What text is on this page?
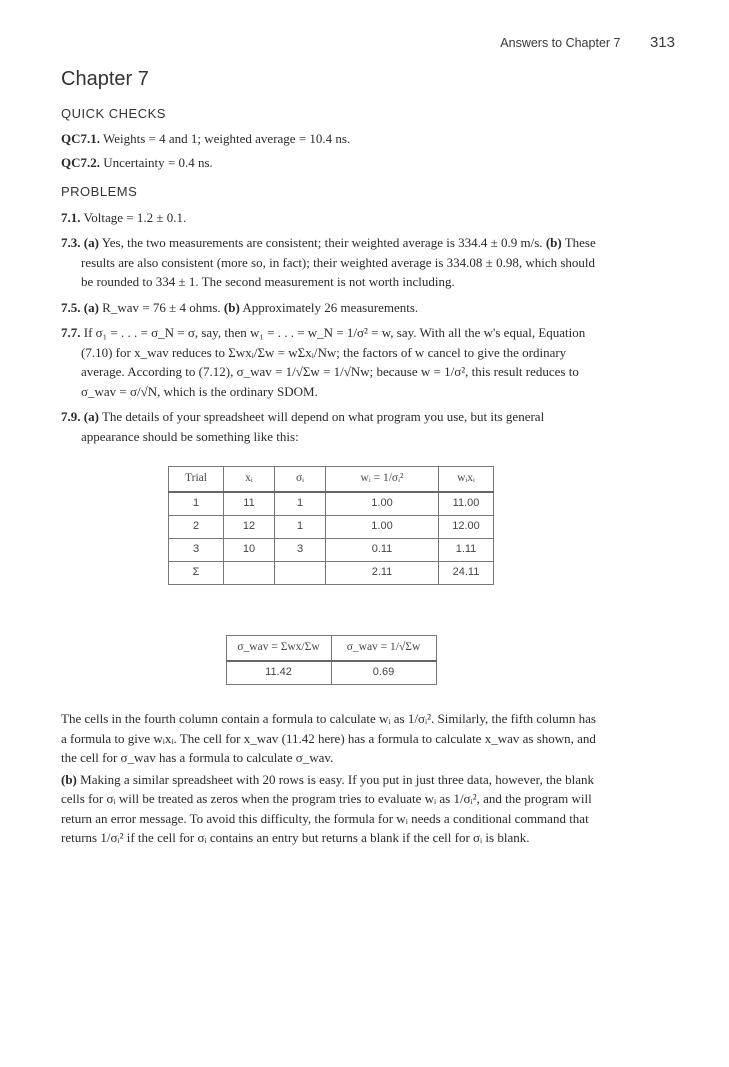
Answers to Chapter 7 313
Chapter 7
QUICK CHECKS
QC7.1. Weights = 4 and 1; weighted average = 10.4 ns.
QC7.2. Uncertainty = 0.4 ns.
PROBLEMS

7.1. Voltage = 1.2 ± 0.1.

7.3. (a) Yes, the two measurements are consistent; their weighted average is 334.4 ± 0.9 m/s. (b) These results are also consistent (more so, in fact); their weighted average is 334.08 ± 0.98, which should be rounded to 334 ± 1. The second measurement is not worth including.

7.5. (a) R_wav = 76 ± 4 ohms. (b) Approximately 26 measurements.

7.7. If σ₁ = . . . = σ_N = σ, say, then w₁ = . . . = w_N = 1/σ² = w, say. With all the w's equal, Equation (7.10) for x_wav reduces to Σwxᵢ/Σw = wΣxᵢ/Nw; the factors of w cancel to give the ordinary average. According to (7.12), σ_wav = 1/√Σw = 1/√Nw; because w = 1/σ², this result reduces to σ_wav = σ/√N, which is the ordinary SDOM.

7.9. (a) The details of your spreadsheet will depend on what program you use, but its general appearance should be something like this:

Trial	xᵢ	σᵢ	wᵢ = 1/σᵢ²	wᵢxᵢ
1	11	1	1.00	11.00
2	12	1	1.00	12.00
3	10	3	0.11	1.11
Σ			2.11	24.11
σ_wav = Σwx/Σw	σ_wav = 1/√Σw
11.42	0.69

The cells in the fourth column contain a formula to calculate wᵢ as 1/σᵢ². Similarly, the fifth column has a formula to give wᵢxᵢ. The cell for x_wav (11.42 here) has a formula to calculate x_wav as shown, and the cell for σ_wav has a formula to calculate σ_wav.

(b) Making a similar spreadsheet with 20 rows is easy. If you put in just three data, however, the blank cells for σᵢ will be treated as zeros when the program tries to evaluate wᵢ as 1/σᵢ², and the program will return an error message. To avoid this difficulty, the formula for wᵢ needs a conditional command that returns 1/σᵢ² if the cell for σᵢ contains an entry but returns a blank if the cell for σᵢ is blank.
